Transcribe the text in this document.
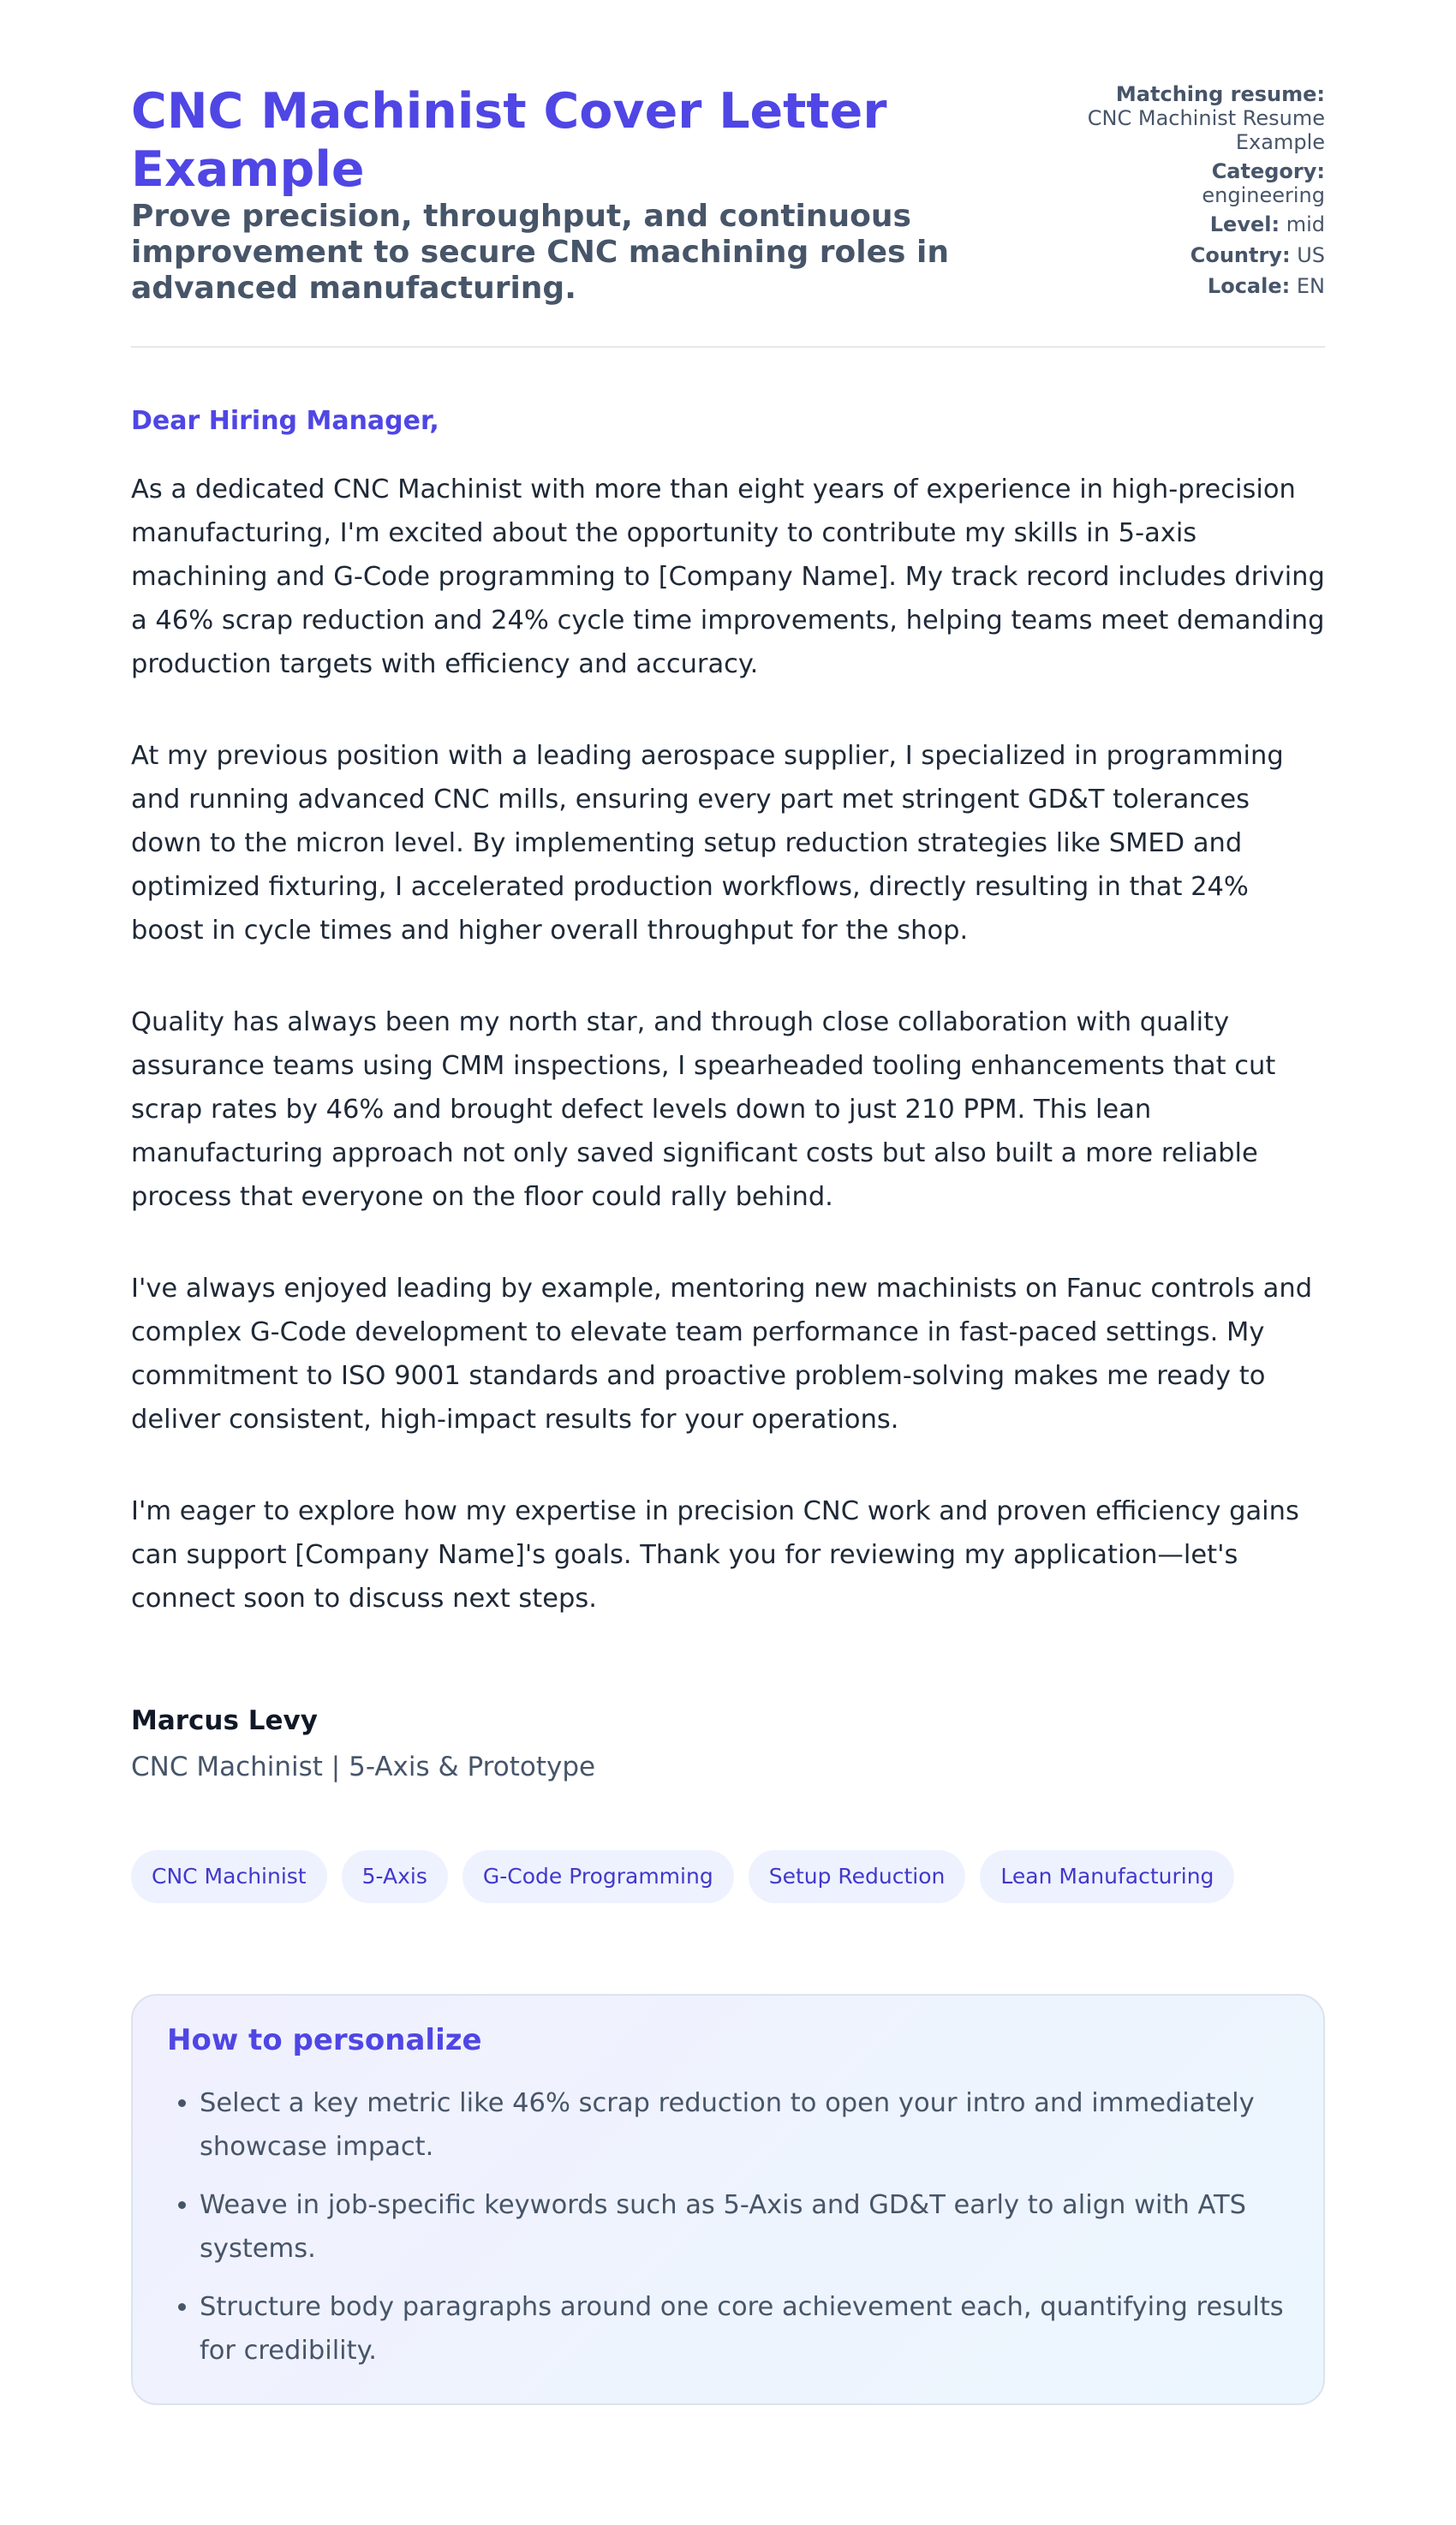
CNC Machinist Cover Letter Example
Prove precision, throughput, and continuous improvement to secure CNC machining roles in advanced manufacturing.
Matching resume:
CNC Machinist Resume Example
Category:
engineering
Level: mid
Country: US
Locale: EN

Dear Hiring Manager,

As a dedicated CNC Machinist with more than eight years of experience in high-precision manufacturing, I'm excited about the opportunity to contribute my skills in 5-axis machining and G-Code programming to [Company Name]. My track record includes driving a 46% scrap reduction and 24% cycle time improvements, helping teams meet demanding production targets with efficiency and accuracy.

At my previous position with a leading aerospace supplier, I specialized in programming and running advanced CNC mills, ensuring every part met stringent GD&T tolerances down to the micron level. By implementing setup reduction strategies like SMED and optimized fixturing, I accelerated production workflows, directly resulting in that 24% boost in cycle times and higher overall throughput for the shop.

Quality has always been my north star, and through close collaboration with quality assurance teams using CMM inspections, I spearheaded tooling enhancements that cut scrap rates by 46% and brought defect levels down to just 210 PPM. This lean manufacturing approach not only saved significant costs but also built a more reliable process that everyone on the floor could rally behind.

I've always enjoyed leading by example, mentoring new machinists on Fanuc controls and complex G-Code development to elevate team performance in fast-paced settings. My commitment to ISO 9001 standards and proactive problem-solving makes me ready to deliver consistent, high-impact results for your operations.

I'm eager to explore how my expertise in precision CNC work and proven efficiency gains can support [Company Name]'s goals. Thank you for reviewing my application—let's connect soon to discuss next steps.

Marcus Levy

CNC Machinist | 5-Axis & Prototype

CNC Machinist	5-Axis	G-Code Programming	Setup Reduction	Lean Manufacturing
How to personalize
• Select a key metric like 46% scrap reduction to open your intro and immediately showcase impact.
• Weave in job-specific keywords such as 5-Axis and GD&T early to align with ATS systems.
• Structure body paragraphs around one core achievement each, quantifying results for credibility.
